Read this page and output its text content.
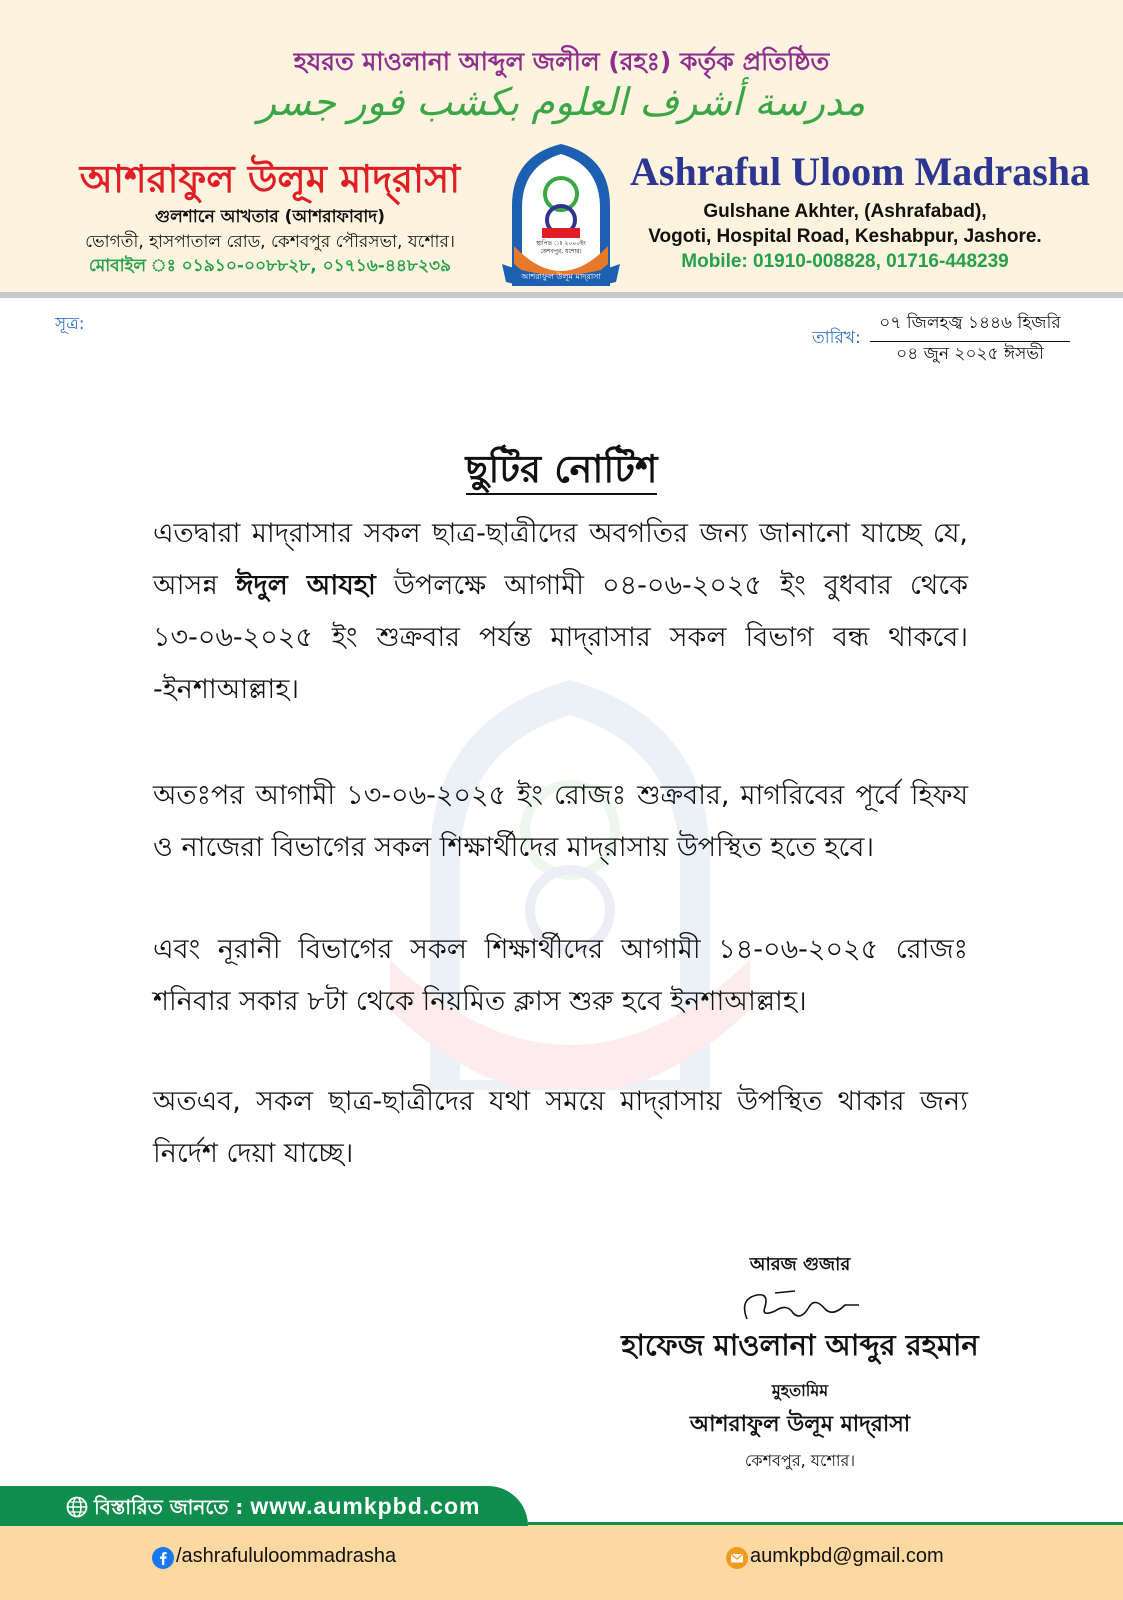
হযরত মাওলানা আব্দুল জলীল (রহঃ) কর্তৃক প্রতিষ্ঠিত
مدرسة أشرف العلوم بكشب فور جسر
আশরাফুল উলূম মাদ্‌রাসা
গুলশানে আখতার (আশরাফাবাদ)
ভোগতী, হাসপাতাল রোড, কেশবপুর পৌরসভা, যশোর।
মোবাইল ঃ ০১৯১০-০০৮৮২৮, ০১৭১৬-৪৪৮২৩৯
স্থাপিত ঃ ২০০০ইং
কেশবপুর, যশোর।
আশরাফুল উলূম মাদ্‌রাসা
Ashraful Uloom Madrasha
Gulshane Akhter, (Ashrafabad),
Vogoti, Hospital Road, Keshabpur, Jashore.
Mobile: 01910-008828, 01716-448239
সূত্র:
তারিখ:
০৭ জিলহজ্ব ১৪৪৬ হিজরি
০৪ জুন ২০২৫ ঈসভী
ছুটির নোটিশ
এতদ্বারা মাদ্‌রাসার সকল ছাত্র-ছাত্রীদের অবগতির জন্য জানানো যাচ্ছে যে, আসন্ন ঈদুল আযহা উপলক্ষে আগামী ০৪-০৬-২০২৫ ইং বুধবার থেকে ১৩-০৬-২০২৫ ইং শুক্রবার পর্যন্ত মাদ্‌রাসার সকল বিভাগ বন্ধ থাকবে। -ইনশাআল্লাহ।
অতঃপর আগামী ১৩-০৬-২০২৫ ইং রোজঃ শুক্রবার, মাগরিবের পূর্বে হিফয ও নাজেরা বিভাগের সকল শিক্ষার্থীদের মাদ্‌রাসায় উপস্থিত হতে হবে।
এবং নূরানী বিভাগের সকল শিক্ষার্থীদের আগামী ১৪-০৬-২০২৫ রোজঃ শনিবার সকার ৮টা থেকে নিয়মিত ক্লাস শুরু হবে ইনশাআল্লাহ।
অতএব, সকল ছাত্র-ছাত্রীদের যথা সময়ে মাদ্‌রাসায় উপস্থিত থাকার জন্য নির্দেশ দেয়া যাচ্ছে।
আরজ গুজার
হাফেজ মাওলানা আব্দুর রহমান
মুহতামিম
আশরাফুল উলূম মাদ্‌রাসা
কেশবপুর, যশোর।
বিস্তারিত জানতে : www.aumkpbd.com
/ashrafululoommadrasha	aumkpbd@gmail.com
